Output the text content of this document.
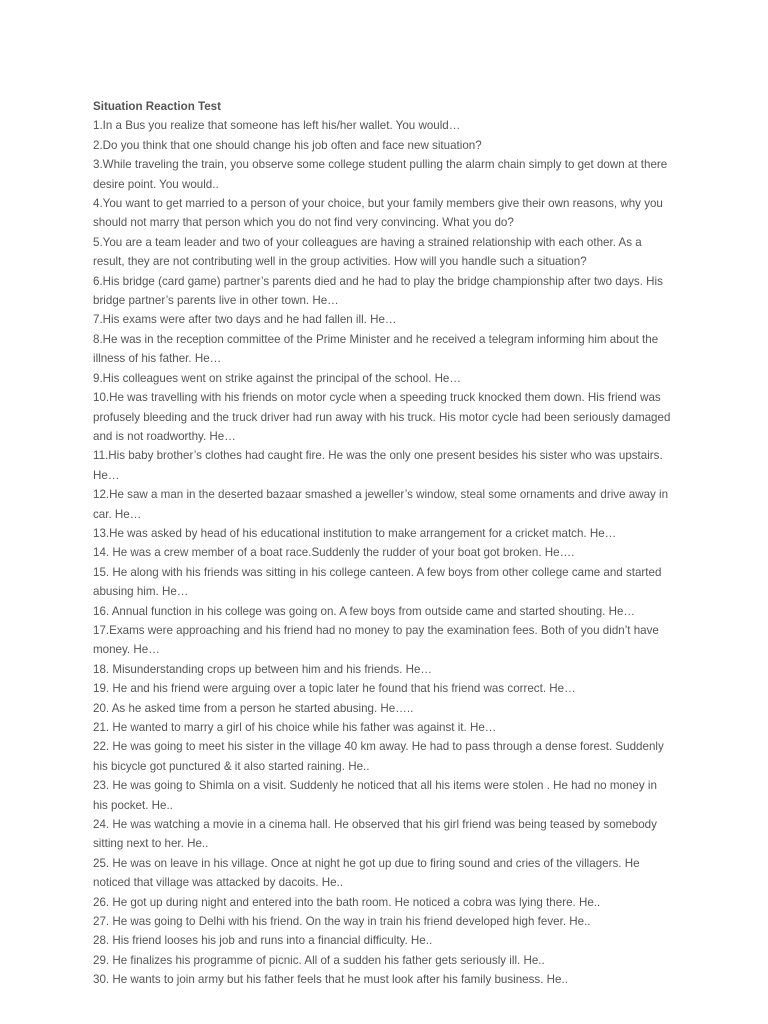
Situation Reaction Test
1.In a Bus you realize that someone has left his/her wallet. You would…
2.Do you think that one should change his job often and face new situation?
3.While traveling the train, you observe some college student pulling the alarm chain simply to get down at there desire point. You would..
4.You want to get married to a person of your choice, but your family members give their own reasons, why you should not marry that person which you do not find very convincing. What you do?
5.You are a team leader and two of your colleagues are having a strained relationship with each other. As a result, they are not contributing well in the group activities. How will you handle such a situation?
6.His bridge (card game) partner’s parents died and he had to play the bridge championship after two days. His bridge partner’s parents live in other town. He…
7.His exams were after two days and he had fallen ill. He…
8.He was in the reception committee of the Prime Minister and he received a telegram informing him about the illness of his father. He…
9.His colleagues went on strike against the principal of the school. He…
10.He was travelling with his friends on motor cycle when a speeding truck knocked them down. His friend was profusely bleeding and the truck driver had run away with his truck. His motor cycle had been seriously damaged and is not roadworthy. He…
11.His baby brother’s clothes had caught fire. He was the only one present besides his sister who was upstairs. He…
12.He saw a man in the deserted bazaar smashed a jeweller’s window, steal some ornaments and drive away in car. He…
13.He was asked by head of his educational institution to make arrangement for a cricket match. He…
14. He was a crew member of a boat race.Suddenly the rudder of your boat got broken. He….
15. He along with his friends was sitting in his college canteen. A few boys from other college came and started abusing him. He…
16. Annual function in his college was going on. A few boys from outside came and started shouting. He…
17.Exams were approaching and his friend had no money to pay the examination fees. Both of you didn’t have money. He…
18. Misunderstanding crops up between him and his friends. He…
19. He and his friend were arguing over a topic later he found that his friend was correct. He…
20. As he asked time from a person he started abusing. He…..
21. He wanted to marry a girl of his choice while his father was against it. He…
22. He was going to meet his sister in the village 40 km away. He had to pass through a dense forest. Suddenly his bicycle got punctured & it also started raining. He..
23. He was going to Shimla on a visit. Suddenly he noticed that all his items were stolen . He had no money in his pocket. He..
24. He was watching a movie in a cinema hall. He observed that his girl friend was being teased by somebody sitting next to her. He..
25. He was on leave in his village. Once at night he got up due to firing sound and cries of the villagers. He noticed that village was attacked by dacoits. He..
26. He got up during night and entered into the bath room. He noticed a cobra was lying there. He..
27. He was going to Delhi with his friend. On the way in train his friend developed high fever. He..
28. His friend looses his job and runs into a financial difficulty. He..
29. He finalizes his programme of picnic. All of a sudden his father gets seriously ill. He..
30. He wants to join army but his father feels that he must look after his family business. He..
